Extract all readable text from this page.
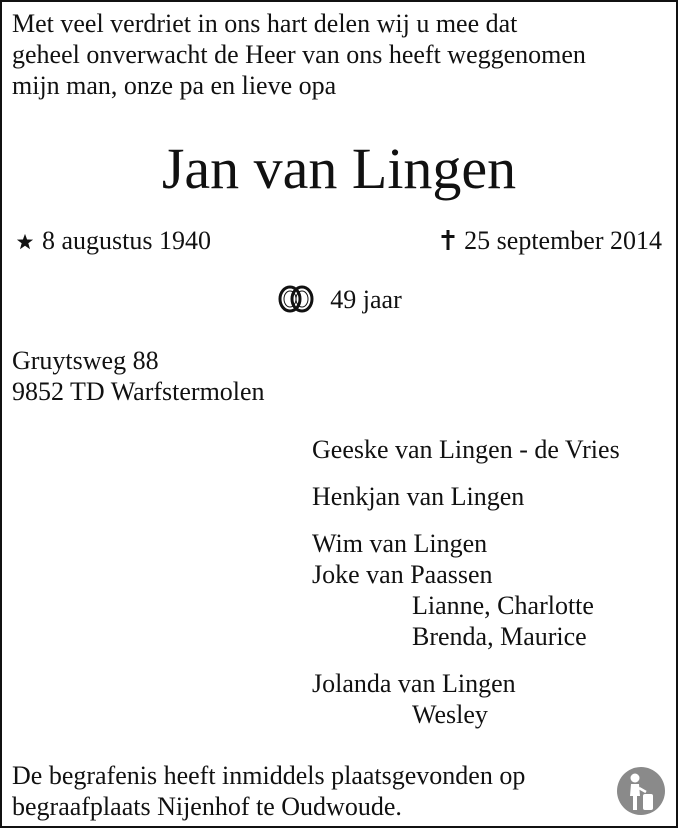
Met veel verdriet in ons hart delen wij u mee dat
geheel onverwacht de Heer van ons heeft weggenomen
mijn man, onze pa en lieve opa
Jan van Lingen
8 augustus 1940	25 september 2014
49 jaar
Gruytsweg 88
9852 TD Warfstermolen
Geeske van Lingen - de Vries
Henkjan van Lingen
Wim van Lingen
Joke van Paassen
Lianne, Charlotte
Brenda, Maurice
Jolanda van Lingen
Wesley
De begrafenis heeft inmiddels plaatsgevonden op
begraafplaats Nijenhof te Oudwoude.
